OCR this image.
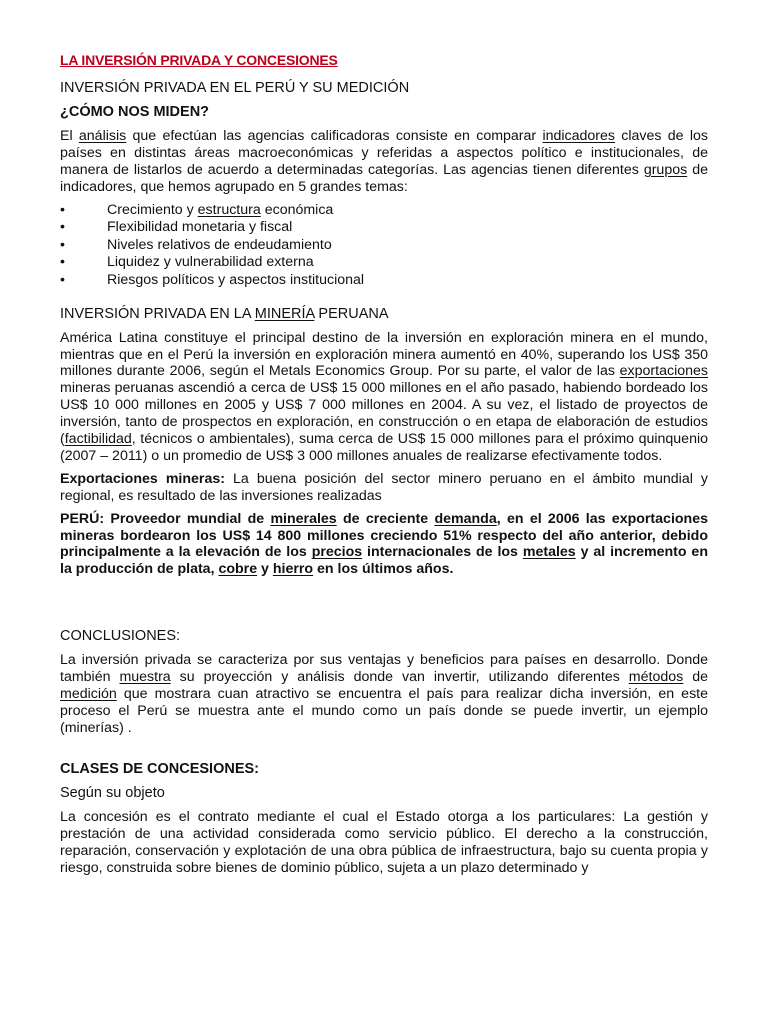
LA INVERSIÓN PRIVADA Y CONCESIONES
INVERSIÓN PRIVADA EN EL PERÚ Y SU MEDICIÓN
¿CÓMO NOS MIDEN?

El análisis que efectúan las agencias calificadoras consiste en comparar indicadores claves de los países en distintas áreas macroeconómicas y referidas a aspectos político e institucionales, de manera de listarlos de acuerdo a determinadas categorías. Las agencias tienen diferentes grupos de indicadores, que hemos agrupado en 5 grandes temas:

• Crecimiento y estructura económica
• Flexibilidad monetaria y fiscal
• Niveles relativos de endeudamiento
• Liquidez y vulnerabilidad externa
• Riesgos políticos y aspectos institucional
INVERSIÓN PRIVADA EN LA MINERÍA PERUANA

América Latina constituye el principal destino de la inversión en exploración minera en el mundo, mientras que en el Perú la inversión en exploración minera aumentó en 40%, superando los US$ 350 millones durante 2006, según el Metals Economics Group. Por su parte, el valor de las exportaciones mineras peruanas ascendió a cerca de US$ 15 000 millones en el año pasado, habiendo bordeado los US$ 10 000 millones en 2005 y US$ 7 000 millones en 2004. A su vez, el listado de proyectos de inversión, tanto de prospectos en exploración, en construcción o en etapa de elaboración de estudios (factibilidad, técnicos o ambientales), suma cerca de US$ 15 000 millones para el próximo quinquenio (2007 – 2011) o un promedio de US$ 3 000 millones anuales de realizarse efectivamente todos.

Exportaciones mineras: La buena posición del sector minero peruano en el ámbito mundial y regional, es resultado de las inversiones realizadas

PERÚ: Proveedor mundial de minerales de creciente demanda, en el 2006 las exportaciones mineras bordearon los US$ 14 800 millones creciendo 51% respecto del año anterior, debido principalmente a la elevación de los precios internacionales de los metales y al incremento en la producción de plata, cobre y hierro en los últimos años.

CONCLUSIONES:

La inversión privada se caracteriza por sus ventajas y beneficios para países en desarrollo. Donde también muestra su proyección y análisis donde van invertir, utilizando diferentes métodos de medición que mostrara cuan atractivo se encuentra el país para realizar dicha inversión, en este proceso el Perú se muestra ante el mundo como un país donde se puede invertir, un ejemplo (minerías) .

CLASES DE CONCESIONES:
Según su objeto

La concesión es el contrato mediante el cual el Estado otorga a los particulares: La gestión y prestación de una actividad considerada como servicio público. El derecho a la construcción, reparación, conservación y explotación de una obra pública de infraestructura, bajo su cuenta propia y riesgo, construida sobre bienes de dominio público, sujeta a un plazo determinado y
